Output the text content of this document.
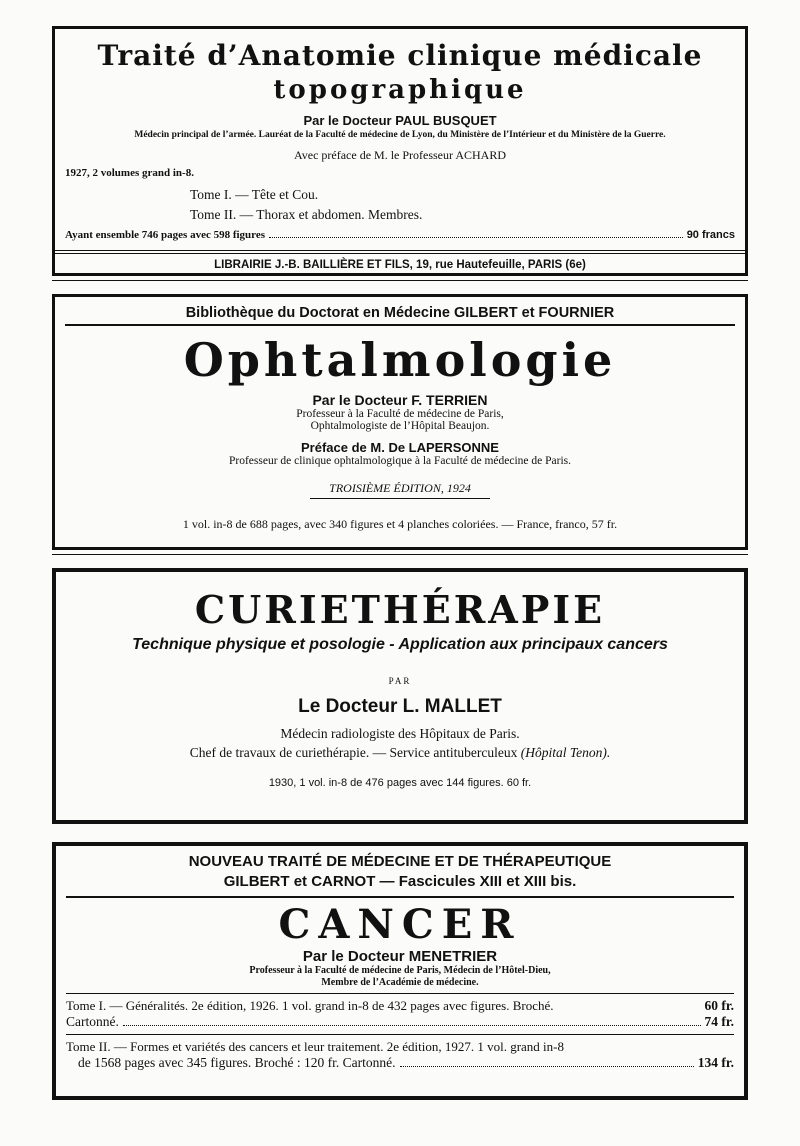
Traité d’Anatomie clinique médicale
topographique
Par le Docteur PAUL BUSQUET
Médecin principal de l’armée. Lauréat de la Faculté de médecine de Lyon, du Ministère de l’Intérieur et du Ministère de la Guerre.
Avec préface de M. le Professeur ACHARD
1927, 2 volumes grand in-8.
Tome I. — Tête et Cou.
Tome II. — Thorax et abdomen. Membres.
Ayant ensemble 746 pages avec 598 figures	90 francs
LIBRAIRIE J.-B. BAILLIÈRE ET FILS, 19, rue Hautefeuille, PARIS (6e)
Bibliothèque du Doctorat en Médecine GILBERT et FOURNIER
Ophtalmologie
Par le Docteur F. TERRIEN
Professeur à la Faculté de médecine de Paris,
Ophtalmologiste de l’Hôpital Beaujon.
Préface de M. De LAPERSONNE
Professeur de clinique ophtalmologique à la Faculté de médecine de Paris.
TROISIÈME ÉDITION, 1924
1 vol. in-8 de 688 pages, avec 340 figures et 4 planches coloriées. — France, franco, 57 fr.
CURIETHÉRAPIE
Technique physique et posologie - Application aux principaux cancers
PAR
Le Docteur L. MALLET
Médecin radiologiste des Hôpitaux de Paris.
Chef de travaux de curiethérapie. — Service antituberculeux (Hôpital Tenon).
1930, 1 vol. in-8 de 476 pages avec 144 figures. 60 fr.
NOUVEAU TRAITÉ DE MÉDECINE ET DE THÉRAPEUTIQUE
GILBERT et CARNOT — Fascicules XIII et XIII bis.
CANCER
Par le Docteur MENETRIER
Professeur à la Faculté de médecine de Paris, Médecin de l’Hôtel-Dieu,
Membre de l’Académie de médecine.
Tome I. — Généralités. 2e édition, 1926. 1 vol. grand in-8 de 432 pages avec figures. Broché.	60 fr.
Cartonné.	74 fr.
Tome II. — Formes et variétés des cancers et leur traitement. 2e édition, 1927. 1 vol. grand in-8
de 1568 pages avec 345 figures. Broché : 120 fr. Cartonné.	134 fr.
